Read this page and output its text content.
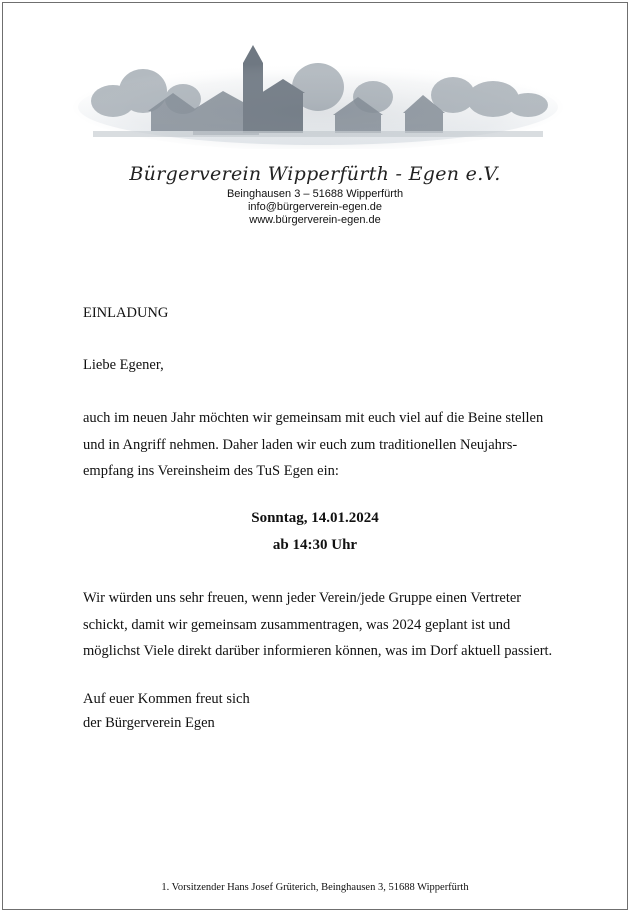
Bürgerverein Wipperfürth - Egen e.V.
Beinghausen 3 – 51688 Wipperfürth
info@bürgerverein-egen.de
www.bürgerverein-egen.de
EINLADUNG
Liebe Egener,
auch im neuen Jahr möchten wir gemeinsam mit euch viel auf die Beine stellen
und in Angriff nehmen. Daher laden wir euch zum traditionellen Neujahrs-
empfang ins Vereinsheim des TuS Egen ein:
Sonntag, 14.01.2024
ab 14:30 Uhr
Wir würden uns sehr freuen, wenn jeder Verein/jede Gruppe einen Vertreter
schickt, damit wir gemeinsam zusammentragen, was 2024 geplant ist und
möglichst Viele direkt darüber informieren können, was im Dorf aktuell passiert.
Auf euer Kommen freut sich
der Bürgerverein Egen
1. Vorsitzender Hans Josef Grüterich, Beinghausen 3, 51688 Wipperfürth
